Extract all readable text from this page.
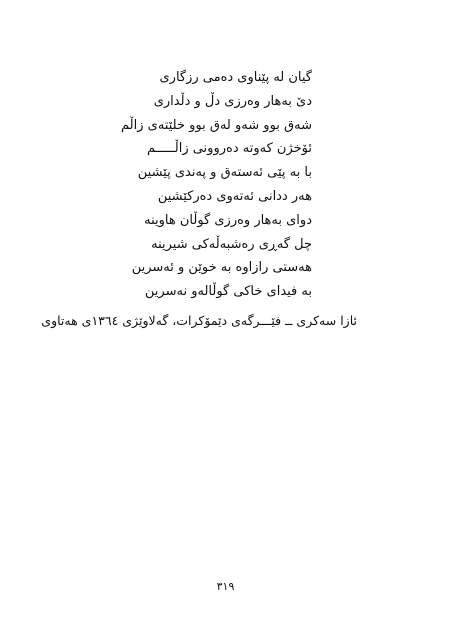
گیان لە پێناوی دەمی رزگاری
دێ بەهار وەرزی دڵ و دڵداری
شەق بوو شەو لەق بوو خلێتەی زاڵم
ئۆخژن کەوتە دەروونی زاڵـــــم
با بە پێی ئەستەق و پەندی پێشین
هەر ددانی ئەتەوی دەرکێشین
دوای بەهار وەرزی گوڵان هاوینە
چل گەڕی رەشبەڵەکی شیرینە
هەستی رازاوە بە خوێن و ئەسرین
بە فیدای خاکی گوڵالەو نەسرین
ئازا سەکری ــ فێـــرگەی دێمۆکرات، گەلاوێژی ١٣٦٤ی هەتاوی
٣١٩
